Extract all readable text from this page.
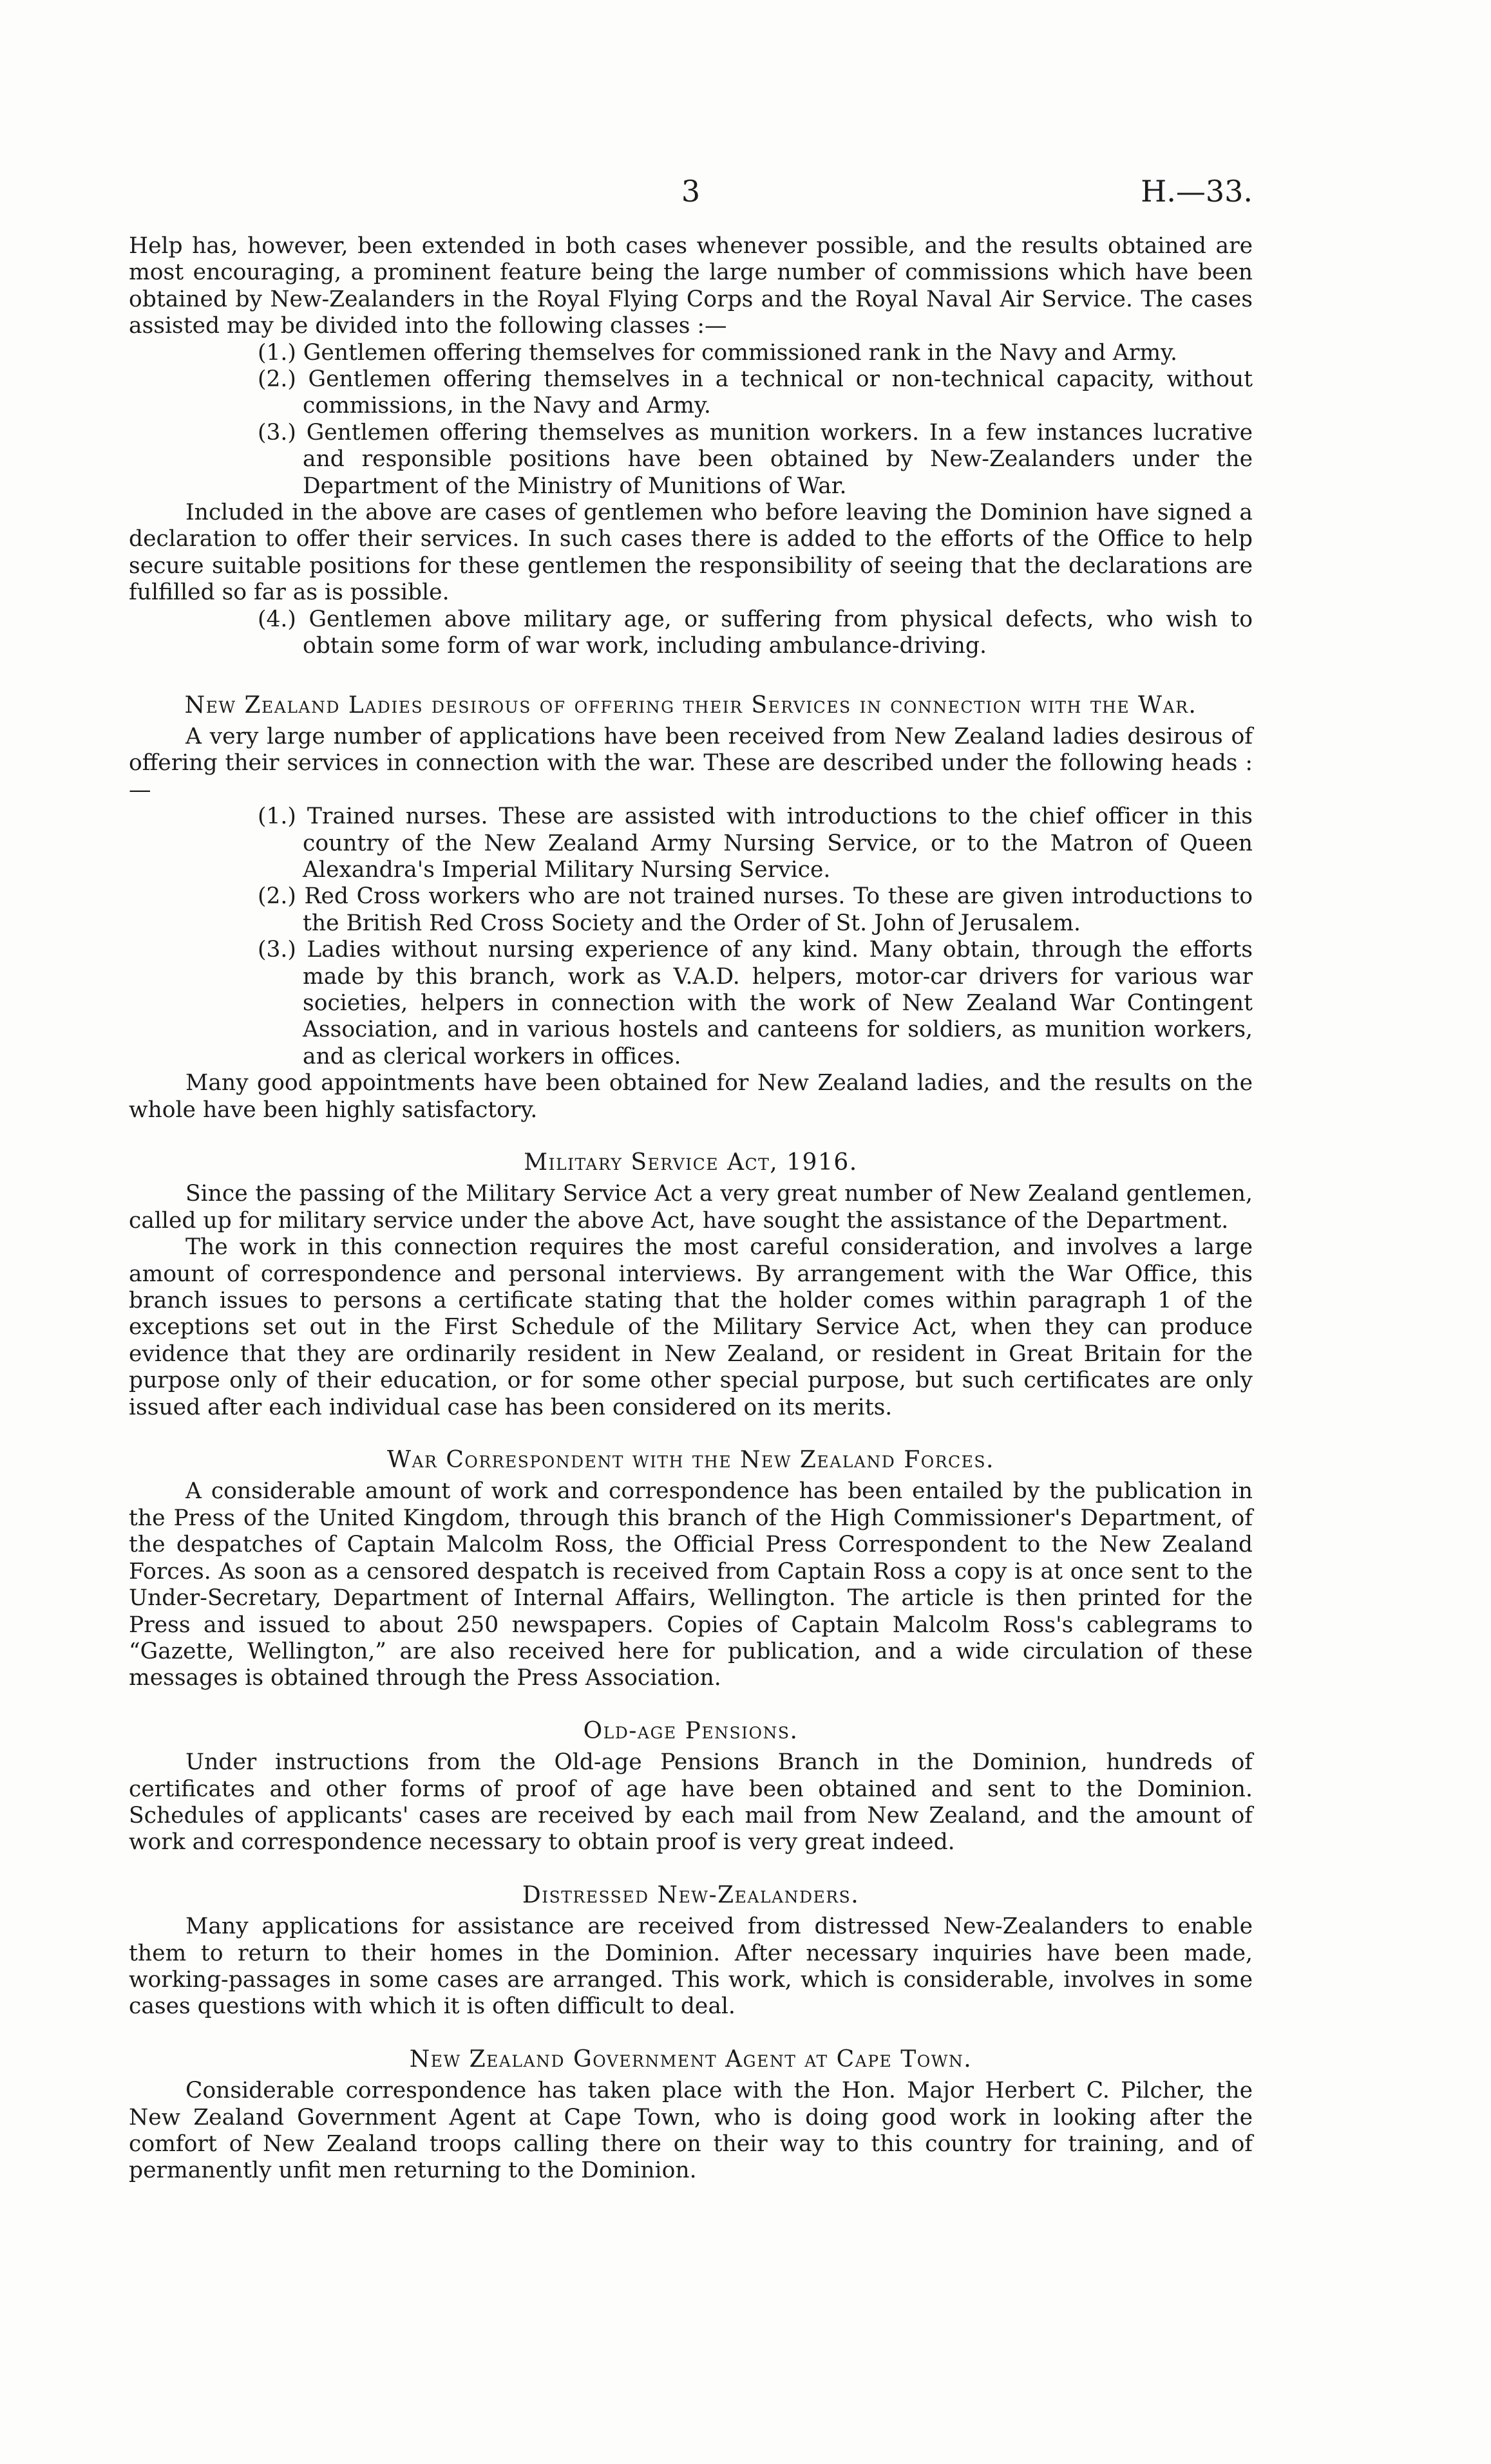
3	H.—33.

Help has, however, been extended in both cases whenever possible, and the results obtained are most encouraging, a prominent feature being the large number of commissions which have been obtained by New-Zealanders in the Royal Flying Corps and the Royal Naval Air Service. The cases assisted may be divided into the following classes :—

(1.) Gentlemen offering themselves for commissioned rank in the Navy and Army.

(2.) Gentlemen offering themselves in a technical or non-technical capacity, without commissions, in the Navy and Army.

(3.) Gentlemen offering themselves as munition workers. In a few instances lucrative and responsible positions have been obtained by New-Zealanders under the Department of the Ministry of Munitions of War.

Included in the above are cases of gentlemen who before leaving the Dominion have signed a declaration to offer their services. In such cases there is added to the efforts of the Office to help secure suitable positions for these gentlemen the responsibility of seeing that the declarations are fulfilled so far as is possible.

(4.) Gentlemen above military age, or suffering from physical defects, who wish to obtain some form of war work, including ambulance-driving.

New Zealand Ladies desirous of offering their Services in connection with the War.

A very large number of applications have been received from New Zealand ladies desirous of offering their services in connection with the war. These are described under the following heads :—

(1.) Trained nurses. These are assisted with introductions to the chief officer in this country of the New Zealand Army Nursing Service, or to the Matron of Queen Alexandra's Imperial Military Nursing Service.

(2.) Red Cross workers who are not trained nurses. To these are given introductions to the British Red Cross Society and the Order of St. John of Jerusalem.

(3.) Ladies without nursing experience of any kind. Many obtain, through the efforts made by this branch, work as V.A.D. helpers, motor-car drivers for various war societies, helpers in connection with the work of New Zealand War Contingent Association, and in various hostels and canteens for soldiers, as munition workers, and as clerical workers in offices.

Many good appointments have been obtained for New Zealand ladies, and the results on the whole have been highly satisfactory.

Military Service Act, 1916.

Since the passing of the Military Service Act a very great number of New Zealand gentlemen, called up for military service under the above Act, have sought the assistance of the Department.

The work in this connection requires the most careful consideration, and involves a large amount of correspondence and personal interviews. By arrangement with the War Office, this branch issues to persons a certificate stating that the holder comes within paragraph 1 of the exceptions set out in the First Schedule of the Military Service Act, when they can produce evidence that they are ordinarily resident in New Zealand, or resident in Great Britain for the purpose only of their education, or for some other special purpose, but such certificates are only issued after each individual case has been considered on its merits.

War Correspondent with the New Zealand Forces.

A considerable amount of work and correspondence has been entailed by the publication in the Press of the United Kingdom, through this branch of the High Commissioner's Department, of the despatches of Captain Malcolm Ross, the Official Press Correspondent to the New Zealand Forces. As soon as a censored despatch is received from Captain Ross a copy is at once sent to the Under-Secretary, Department of Internal Affairs, Wellington. The article is then printed for the Press and issued to about 250 newspapers. Copies of Captain Malcolm Ross's cablegrams to “Gazette, Wellington,” are also received here for publication, and a wide circulation of these messages is obtained through the Press Association.

Old-age Pensions.

Under instructions from the Old-age Pensions Branch in the Dominion, hundreds of certificates and other forms of proof of age have been obtained and sent to the Dominion. Schedules of applicants' cases are received by each mail from New Zealand, and the amount of work and correspondence necessary to obtain proof is very great indeed.

Distressed New-Zealanders.

Many applications for assistance are received from distressed New-Zealanders to enable them to return to their homes in the Dominion. After necessary inquiries have been made, working-passages in some cases are arranged. This work, which is considerable, involves in some cases questions with which it is often difficult to deal.

New Zealand Government Agent at Cape Town.

Considerable correspondence has taken place with the Hon. Major Herbert C. Pilcher, the New Zealand Government Agent at Cape Town, who is doing good work in looking after the comfort of New Zealand troops calling there on their way to this country for training, and of permanently unfit men returning to the Dominion.
